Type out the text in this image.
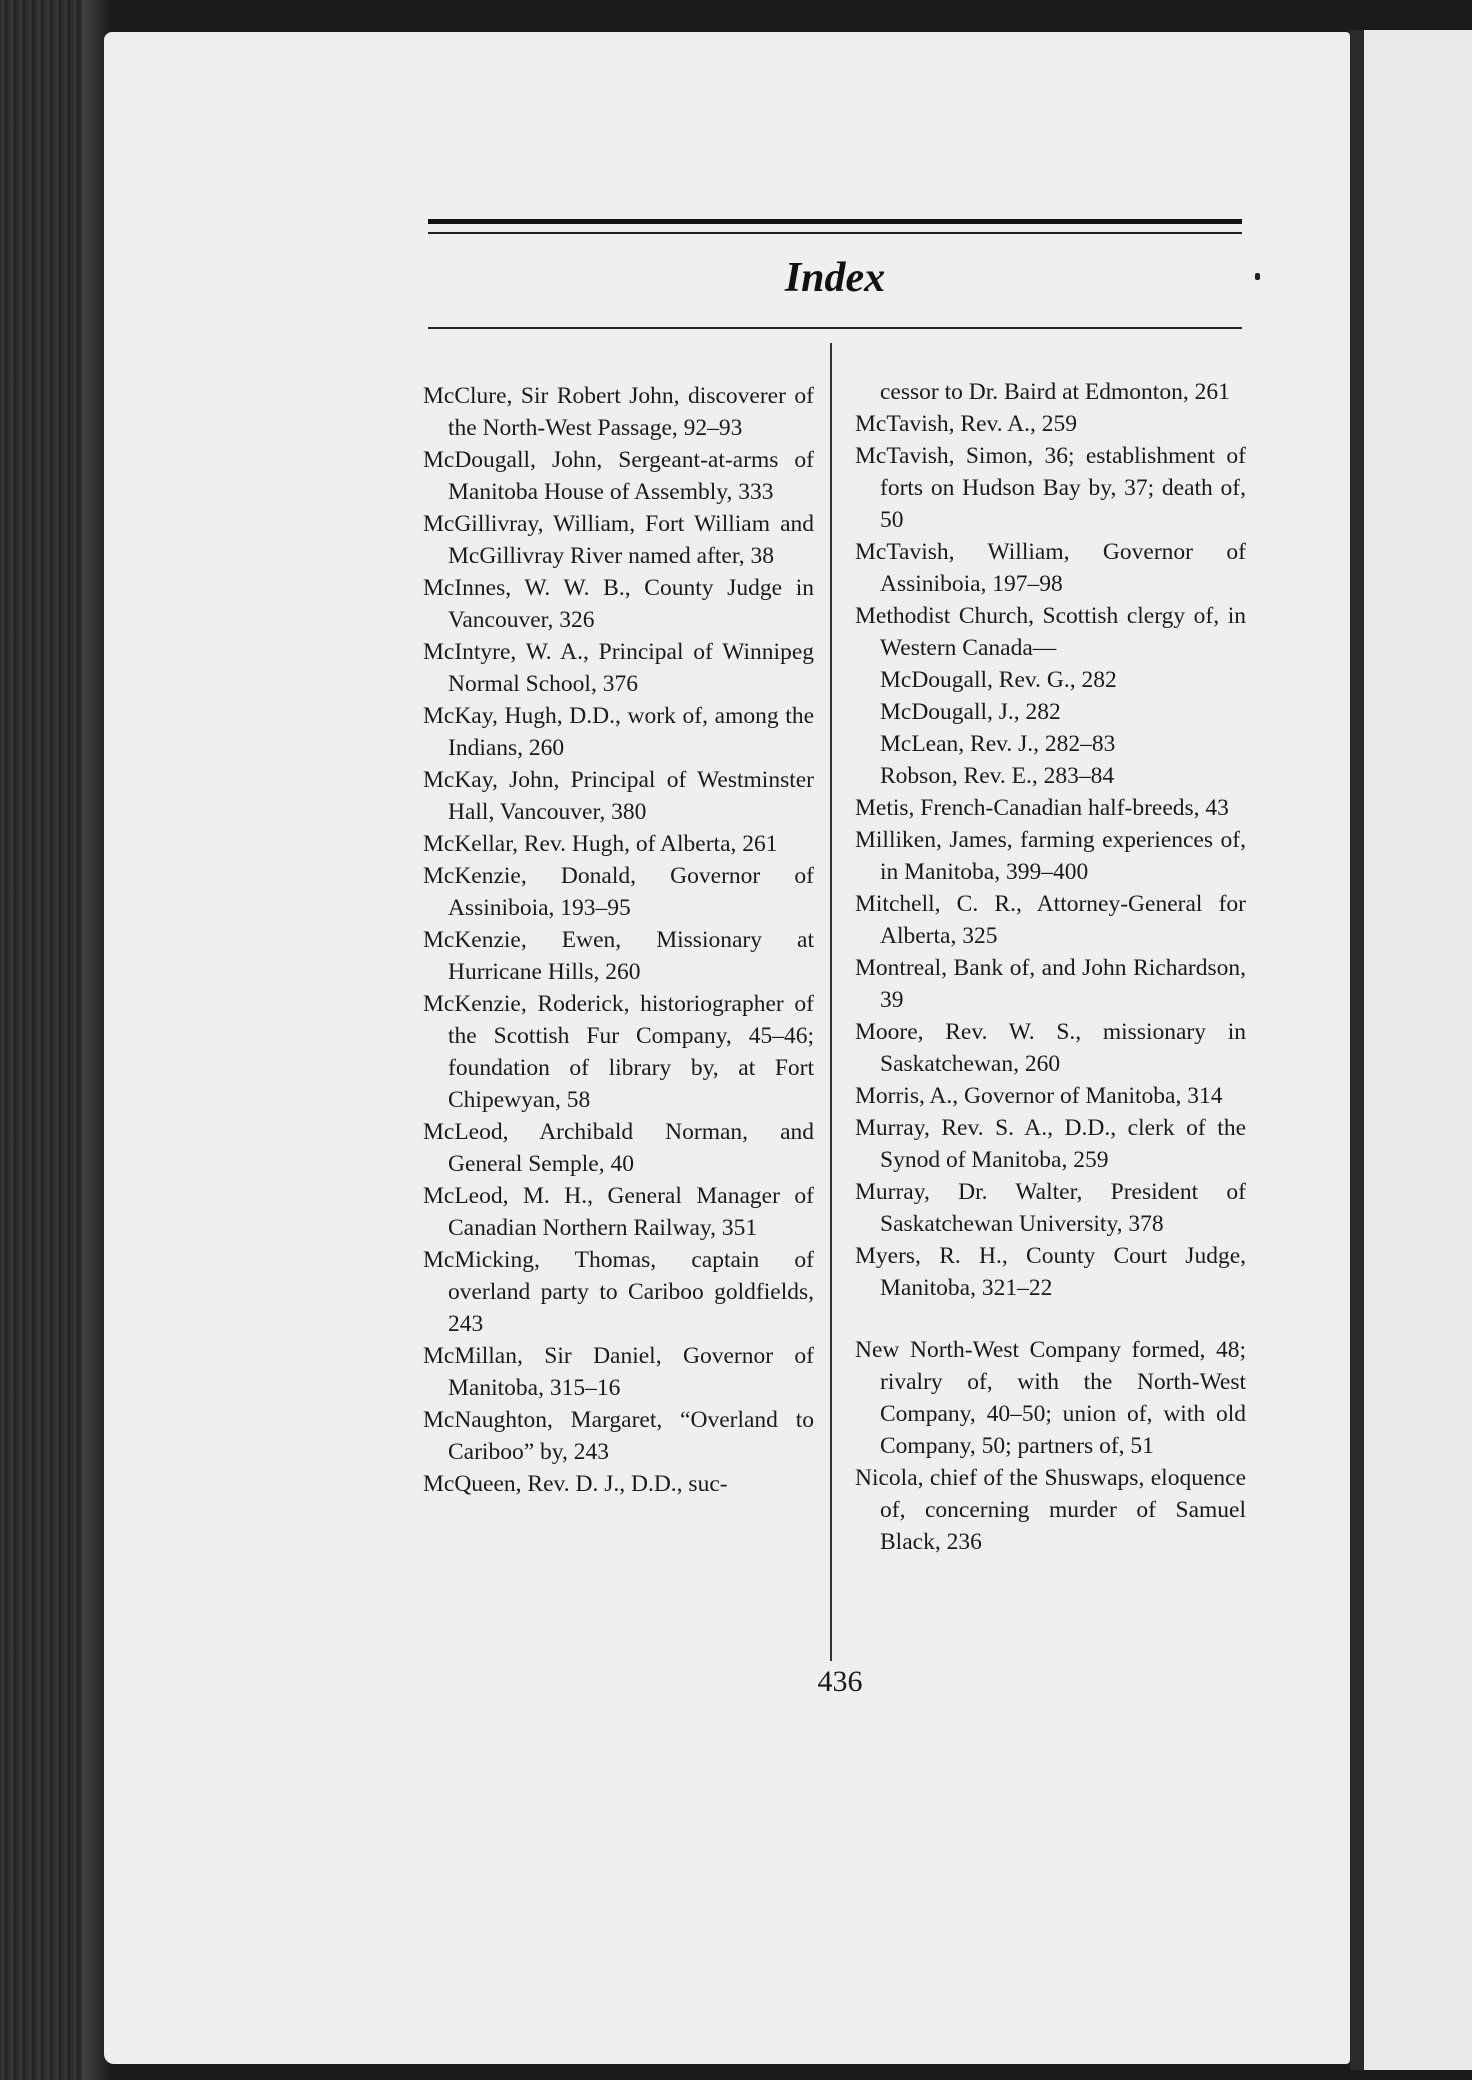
Index

McClure, Sir Robert John, discoverer of the North-West Passage, 92–93

McDougall, John, Sergeant-at-arms of Manitoba House of Assembly, 333

McGillivray, William, Fort William and McGillivray River named after, 38

McInnes, W. W. B., County Judge in Vancouver, 326

McIntyre, W. A., Principal of Winnipeg Normal School, 376

McKay, Hugh, D.D., work of, among the Indians, 260

McKay, John, Principal of Westminster Hall, Vancouver, 380

McKellar, Rev. Hugh, of Alberta, 261

McKenzie, Donald, Governor of Assiniboia, 193–95

McKenzie, Ewen, Missionary at Hurricane Hills, 260

McKenzie, Roderick, historiographer of the Scottish Fur Company, 45–46; foundation of library by, at Fort Chipewyan, 58

McLeod, Archibald Norman, and General Semple, 40

McLeod, M. H., General Manager of Canadian Northern Railway, 351

McMicking, Thomas, captain of overland party to Cariboo goldfields, 243

McMillan, Sir Daniel, Governor of Manitoba, 315–16

McNaughton, Margaret, “Overland to Cariboo” by, 243

McQueen, Rev. D. J., D.D., suc-

cessor to Dr. Baird at Edmonton, 261

McTavish, Rev. A., 259

McTavish, Simon, 36; establishment of forts on Hudson Bay by, 37; death of, 50

McTavish, William, Governor of Assiniboia, 197–98

Methodist Church, Scottish clergy of, in Western Canada—

McDougall, Rev. G., 282

McDougall, J., 282

McLean, Rev. J., 282–83

Robson, Rev. E., 283–84

Metis, French-Canadian half-breeds, 43

Milliken, James, farming experiences of, in Manitoba, 399–400

Mitchell, C. R., Attorney-General for Alberta, 325

Montreal, Bank of, and John Richardson, 39

Moore, Rev. W. S., missionary in Saskatchewan, 260

Morris, A., Governor of Manitoba, 314

Murray, Rev. S. A., D.D., clerk of the Synod of Manitoba, 259

Murray, Dr. Walter, President of Saskatchewan University, 378

Myers, R. H., County Court Judge, Manitoba, 321–22

New North-West Company formed, 48; rivalry of, with the North-West Company, 40–50; union of, with old Company, 50; partners of, 51

Nicola, chief of the Shuswaps, eloquence of, concerning murder of Samuel Black, 236

436
